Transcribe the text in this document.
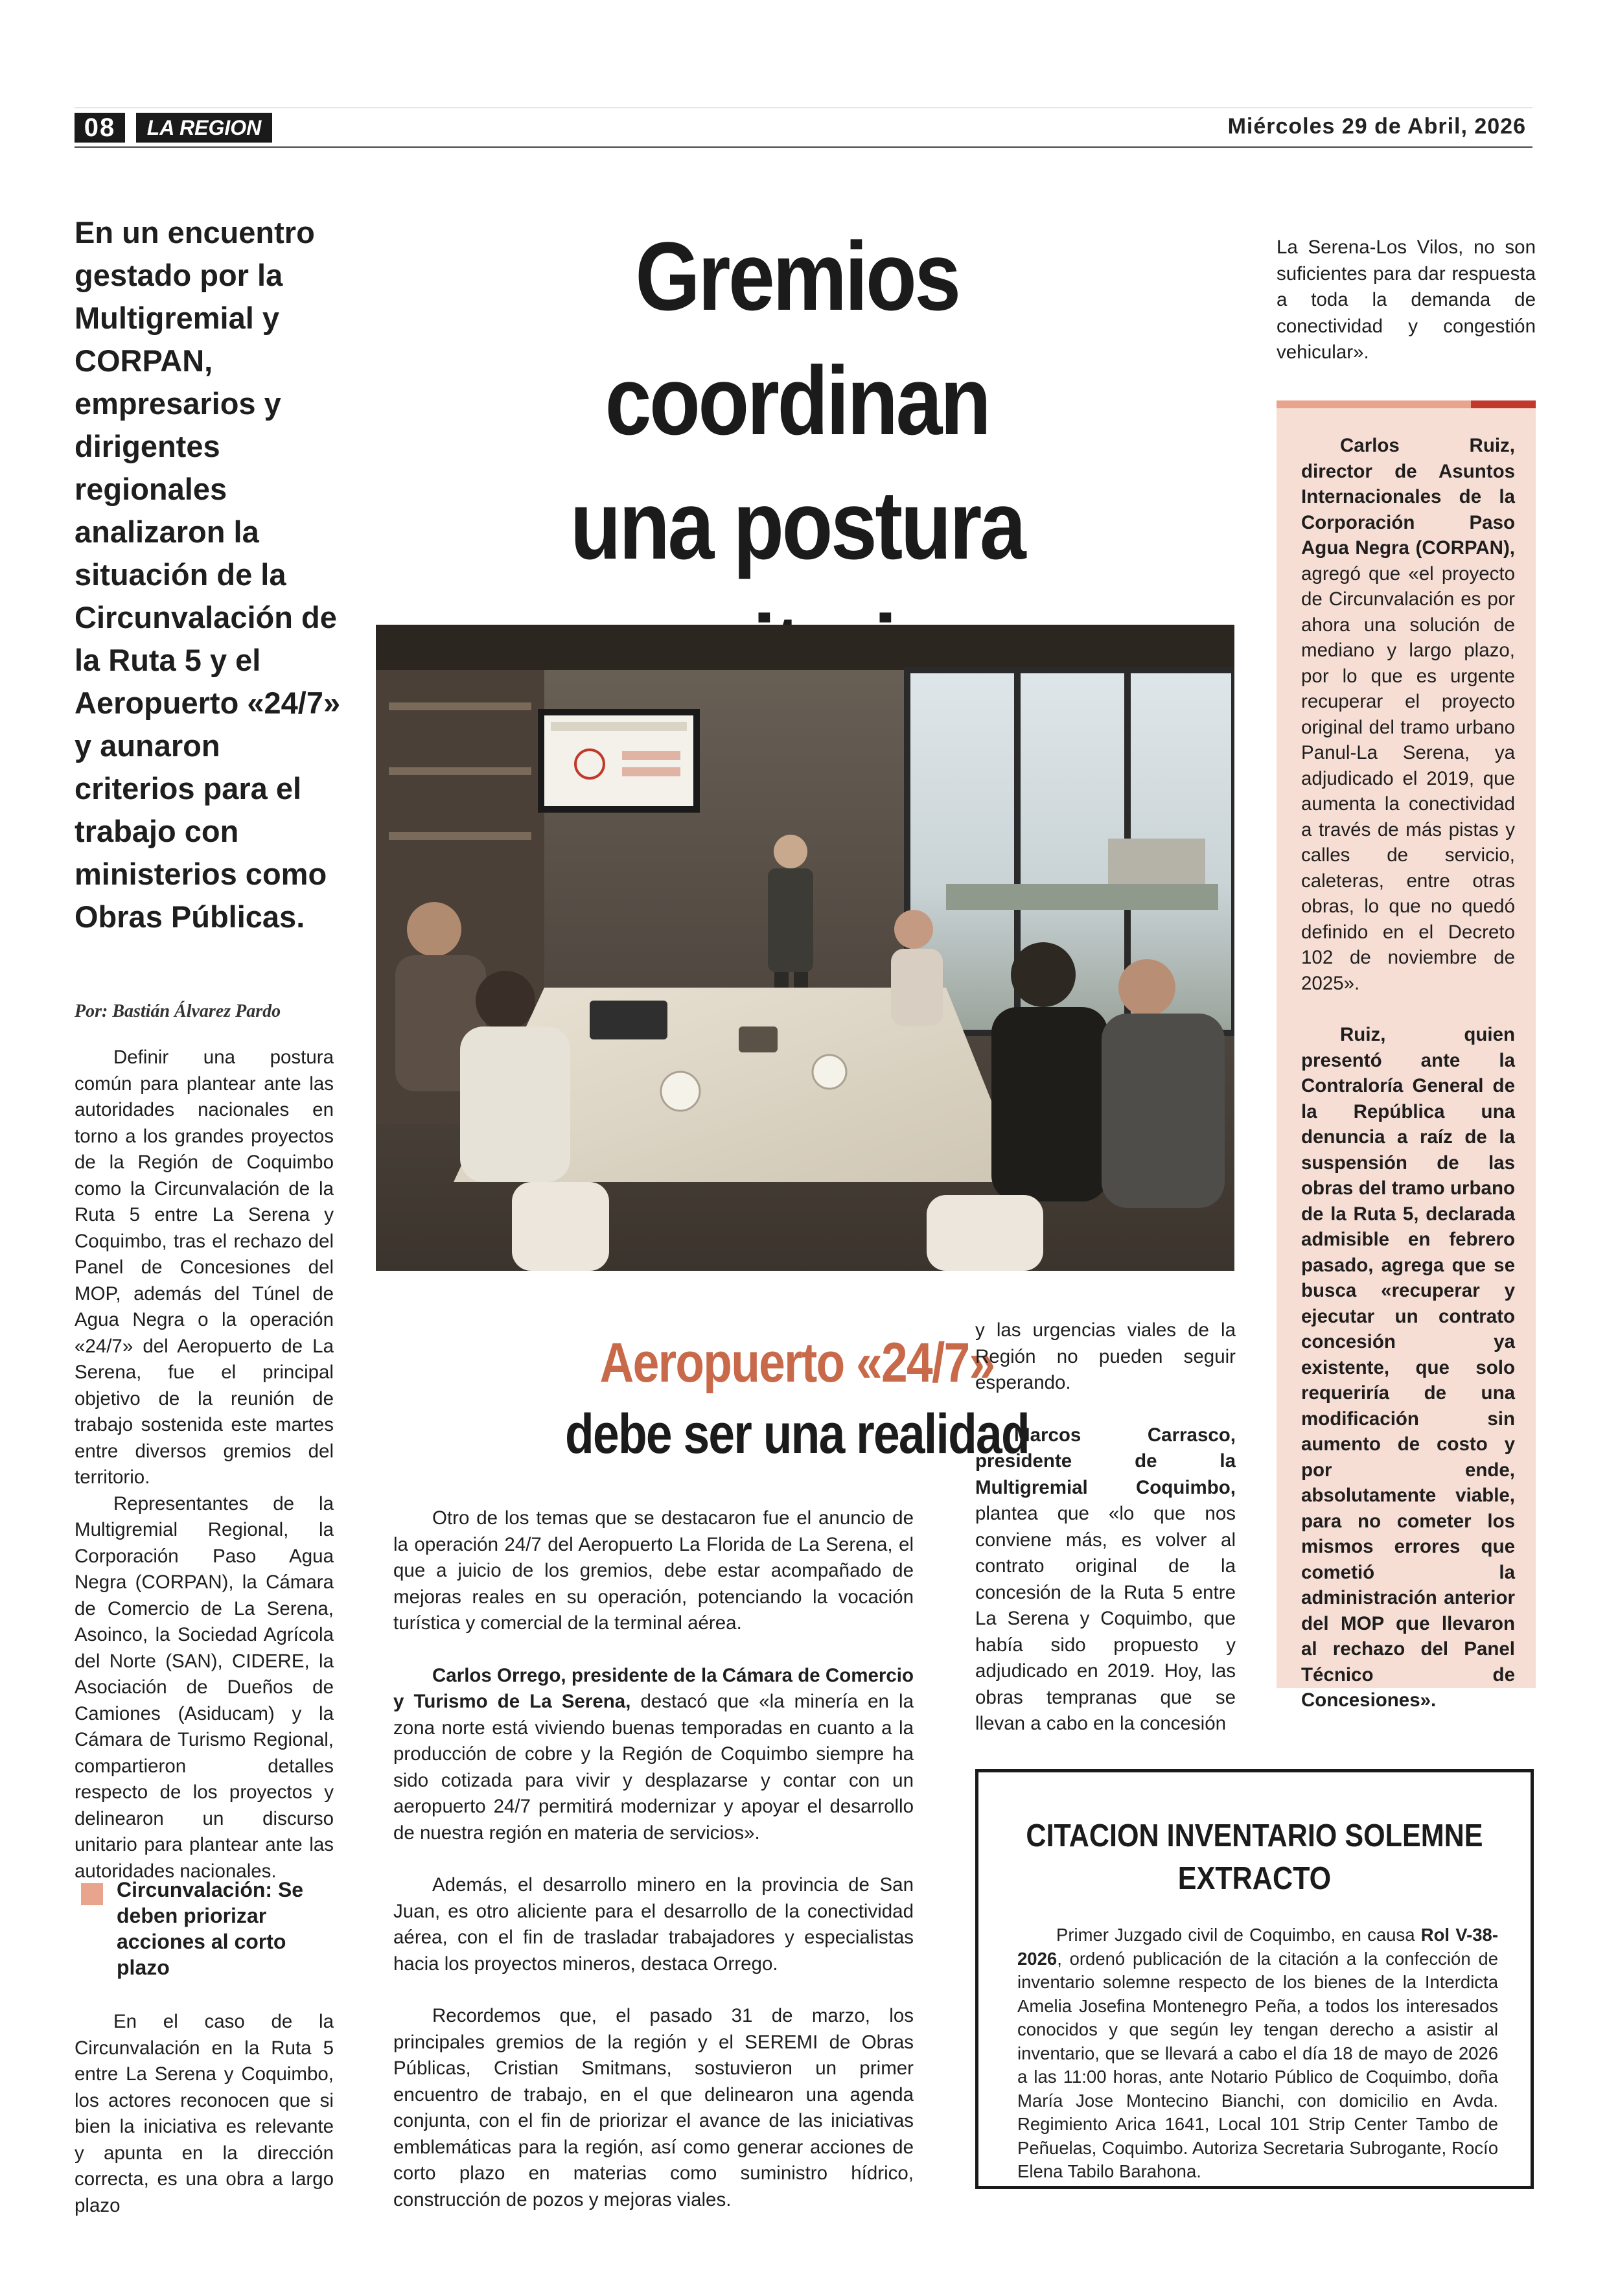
08	LA REGION	Miércoles 29 de Abril, 2026
En un encuentro gestado por la Multigremial y CORPAN, empresarios y dirigentes regionales analizaron la situación de la Circunvalación de la Ruta 5 y el Aeropuerto «24/7» y aunaron criterios para el trabajo con ministerios como Obras Públicas.
Gremios coordinan
una postura
Por: Bastián Álvarez Pardo

Definir una postura común para plantear ante las autoridades nacionales en torno a los grandes proyectos de la Región de Coquimbo como la Circunvalación de la Ruta 5 entre La Serena y Coquimbo, tras el rechazo del Panel de Concesiones del MOP, además del Túnel de Agua Negra o la operación «24/7» del Aeropuerto de La Serena, fue el principal objetivo de la reunión de trabajo sostenida este martes entre diversos gremios del territorio.

Representantes de la Multigremial Regional, la Corporación Paso Agua Negra (CORPAN), la Cámara de Comercio de La Serena, Asoinco, la Sociedad Agrícola del Norte (SAN), CIDERE, la Asociación de Dueños de Camiones (Asiducam) y la Cámara de Turismo Regional, compartieron detalles respecto de los proyectos y delinearon un discurso unitario para plantear ante las autoridades nacionales.

Circunvalación: Se deben priorizar acciones al corto plazo

En el caso de la Circunvalación en la Ruta 5 entre La Serena y Coquimbo, los actores reconocen que si bien la iniciativa es relevante y apunta en la dirección correcta, es una obra a largo plazo

Aeropuerto «24/7»
debe ser una realidad

Otro de los temas que se destacaron fue el anuncio de la operación 24/7 del Aeropuerto La Florida de La Serena, el que a juicio de los gremios, debe estar acompañado de mejoras reales en su operación, potenciando la vocación turística y comercial de la terminal aérea.

Carlos Orrego, presidente de la Cámara de Comercio y Turismo de La Serena, destacó que «la minería en la zona norte está viviendo buenas temporadas en cuanto a la producción de cobre y la Región de Coquimbo siempre ha sido cotizada para vivir y desplazarse y contar con un aeropuerto 24/7 permitirá modernizar y apoyar el desarrollo de nuestra región en materia de servicios».

Además, el desarrollo minero en la provincia de San Juan, es otro aliciente para el desarrollo de la conectividad aérea, con el fin de trasladar trabajadores y especialistas hacia los proyectos mineros, destaca Orrego.

Recordemos que, el pasado 31 de marzo, los principales gremios de la región y el SEREMI de Obras Públicas, Cristian Smitmans, sostuvieron un primer encuentro de trabajo, en el que delinearon una agenda conjunta, con el fin de priorizar el avance de las iniciativas emblemáticas para la región, así como generar acciones de corto plazo en materias como suministro hídrico, construcción de pozos y mejoras viales.

y las urgencias viales de la Región no pueden seguir esperando.

Marcos Carrasco, presidente de la Multigremial Coquimbo, plantea que «lo que nos conviene más, es volver al contrato original de la concesión de la Ruta 5 entre La Serena y Coquimbo, que había sido propuesto y adjudicado en 2019. Hoy, las obras tempranas que se llevan a cabo en la concesión

La Serena-Los Vilos, no son suficientes para dar respuesta a toda la demanda de conectividad y congestión vehicular».

Carlos Ruiz, director de Asuntos Internacionales de la Corporación Paso Agua Negra (CORPAN), agregó que «el proyecto de Circunvalación es por ahora una solución de mediano y largo plazo, por lo que es urgente recuperar el proyecto original del tramo urbano Panul-La Serena, ya adjudicado el 2019, que aumenta la conectividad a través de más pistas y calles de servicio, caleteras, entre otras obras, lo que no quedó definido en el Decreto 102 de noviembre de 2025».

Ruiz, quien presentó ante la Contraloría General de la República una denuncia a raíz de la suspensión de las obras del tramo urbano de la Ruta 5, declarada admisible en febrero pasado, agrega que se busca «recuperar y ejecutar un contrato concesión ya existente, que solo requeriría de una modificación sin aumento de costo y por ende, absolutamente viable, para no cometer los mismos errores que cometió la administración anterior del MOP que llevaron al rechazo del Panel Técnico de Concesiones».

CITACION INVENTARIO SOLEMNE
EXTRACTO

Primer Juzgado civil de Coquimbo, en causa Rol V-38-2026, ordenó publicación de la citación a la confección de inventario solemne respecto de los bienes de la Interdicta Amelia Josefina Montenegro Peña, a todos los interesados conocidos y que según ley tengan derecho a asistir al inventario, que se llevará a cabo el día 18 de mayo de 2026 a las 11:00 horas, ante Notario Público de Coquimbo, doña María Jose Montecino Bianchi, con domicilio en Avda. Regimiento Arica 1641, Local 101 Strip Center Tambo de Peñuelas, Coquimbo. Autoriza Secretaria Subrogante, Rocío Elena Tabilo Barahona.
